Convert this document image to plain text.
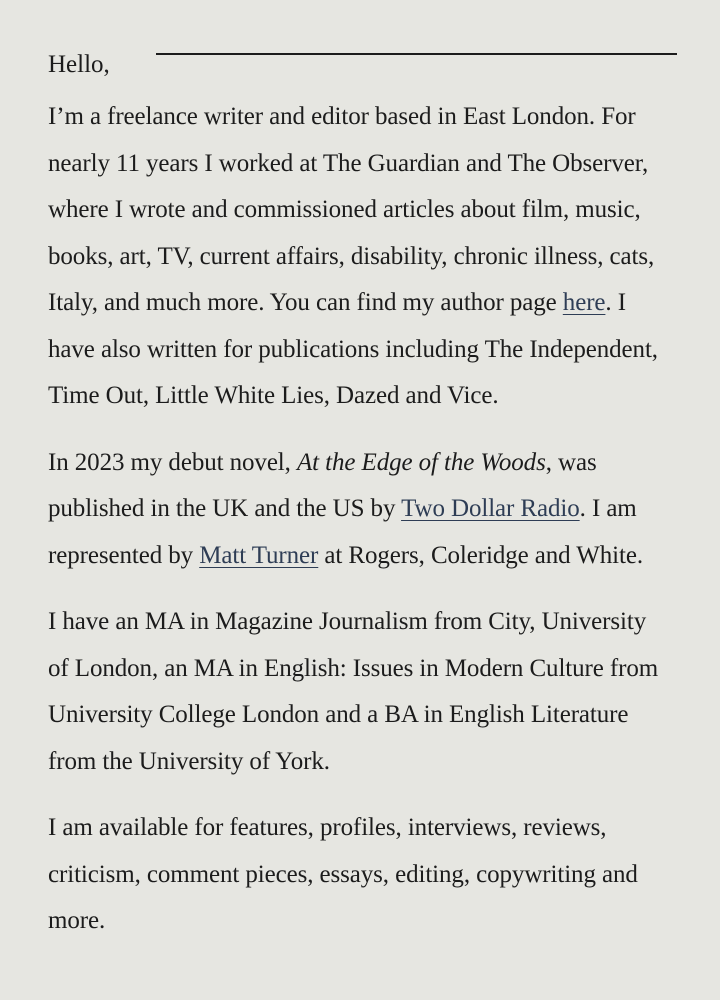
Hello,

I’m a freelance writer and editor based in East London. For nearly 11 years I worked at The Guardian and The Observer, where I wrote and commissioned articles about film, music, books, art, TV, current affairs, disability, chronic illness, cats, Italy, and much more. You can find my author page here. I have also written for publications including The Independent, Time Out, Little White Lies, Dazed and Vice.

In 2023 my debut novel, At the Edge of the Woods, was published in the UK and the US by Two Dollar Radio. I am represented by Matt Turner at Rogers, Coleridge and White.

I have an MA in Magazine Journalism from City, University of London, an MA in English: Issues in Modern Culture from University College London and a BA in English Literature from the University of York.

I am available for features, profiles, interviews, reviews, criticism, comment pieces, essays, editing, copywriting and more.
